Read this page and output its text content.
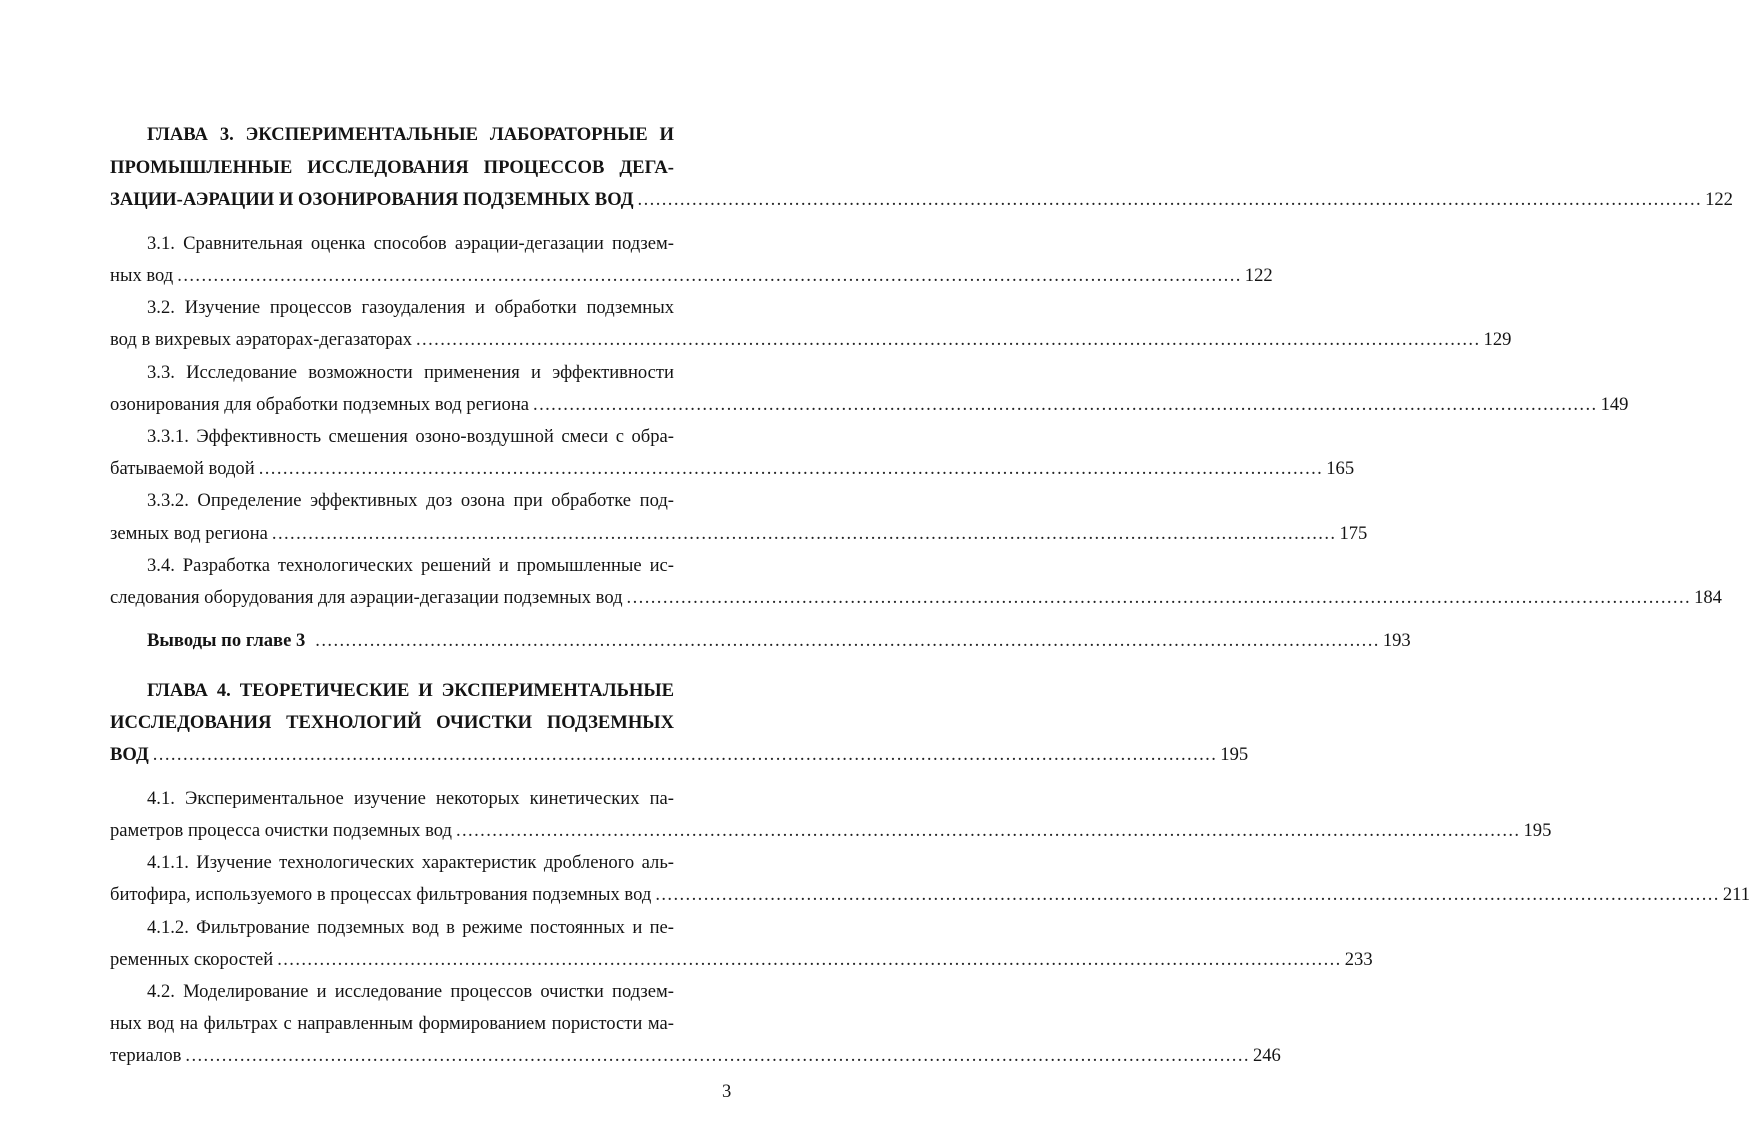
ГЛАВА 3. ЭКСПЕРИМЕНТАЛЬНЫЕ ЛАБОРАТОРНЫЕ И
ПРОМЫШЛЕННЫЕ ИССЛЕДОВАНИЯ ПРОЦЕССОВ ДЕГА-
ЗАЦИИ-АЭРАЦИИ И ОЗОНИРОВАНИЯ ПОДЗЕМНЫХ ВОД ................................................................................................................................................................................ 122
3.1. Сравнительная оценка способов аэрации-дегазации подзем-
ных вод ................................................................................................................................................................................ 122
3.2. Изучение процессов газоудаления и обработки подземных
вод в вихревых аэраторах-дегазаторах ................................................................................................................................................................................ 129
3.3. Исследование возможности применения и эффективности
озонирования для обработки подземных вод региона ................................................................................................................................................................................ 149
3.3.1. Эффективность смешения озоно-воздушной смеси с обра-
батываемой водой ................................................................................................................................................................................ 165
3.3.2. Определение эффективных доз озона при обработке под-
земных вод региона ................................................................................................................................................................................ 175
3.4. Разработка технологических решений и промышленные ис-
следования оборудования для аэрации-дегазации подземных вод ................................................................................................................................................................................ 184
Выводы по главе 3 ................................................................................................................................................................................ 193
ГЛАВА 4. ТЕОРЕТИЧЕСКИЕ И ЭКСПЕРИМЕНТАЛЬНЫЕ
ИССЛЕДОВАНИЯ ТЕХНОЛОГИЙ ОЧИСТКИ ПОДЗЕМНЫХ
ВОД ................................................................................................................................................................................ 195
4.1. Экспериментальное изучение некоторых кинетических па-
раметров процесса очистки подземных вод ................................................................................................................................................................................ 195
4.1.1. Изучение технологических характеристик дробленого аль-
битофира, используемого в процессах фильтрования подземных вод ................................................................................................................................................................................ 211
4.1.2. Фильтрование подземных вод в режиме постоянных и пе-
ременных скоростей ................................................................................................................................................................................ 233
4.2. Моделирование и исследование процессов очистки подзем-
ных вод на фильтрах с направленным формированием пористости ма-
териалов ................................................................................................................................................................................ 246
3
